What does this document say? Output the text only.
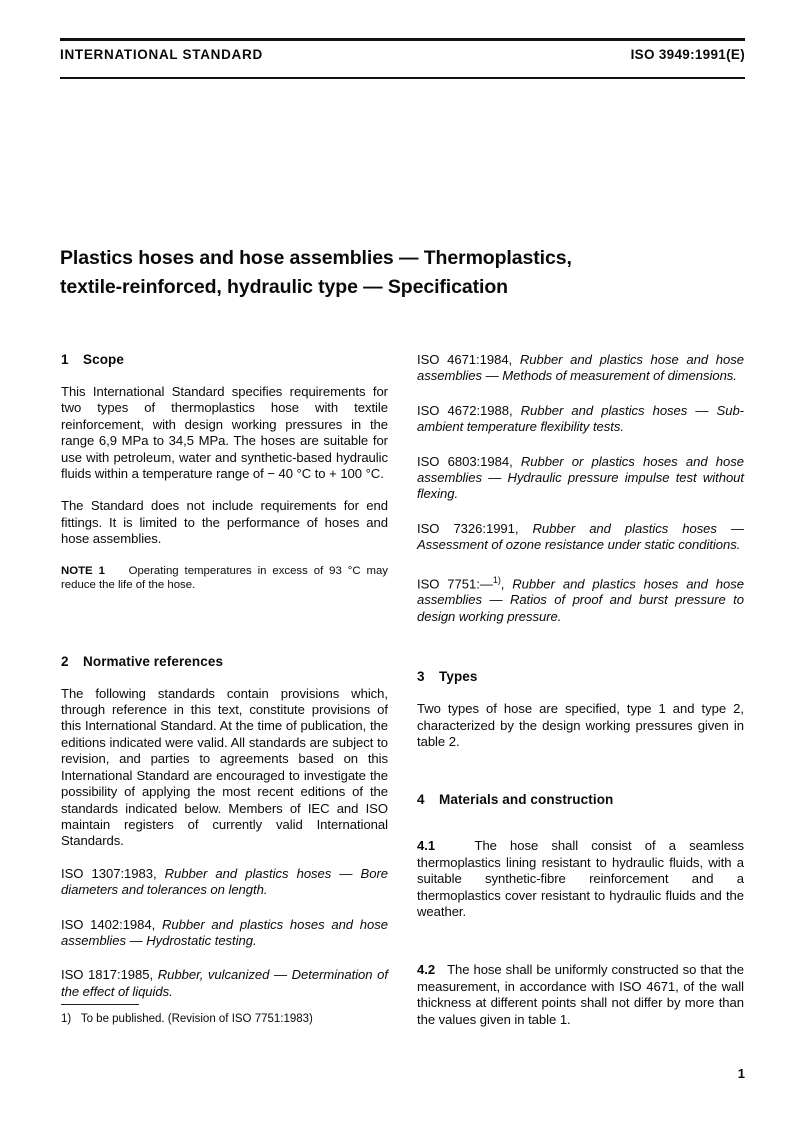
INTERNATIONAL STANDARD	ISO 3949:1991(E)
Plastics hoses and hose assemblies — Thermoplastics,
textile-reinforced, hydraulic type — Specification
1 Scope

This International Standard specifies requirements for two types of thermoplastics hose with textile reinforcement, with design working pressures in the range 6,9 MPa to 34,5 MPa. The hoses are suitable for use with petroleum, water and synthetic-based hydraulic fluids within a temperature range of − 40 °C to + 100 °C.

The Standard does not include requirements for end fittings. It is limited to the performance of hoses and hose assemblies.

NOTE 1 Operating temperatures in excess of 93 °C may reduce the life of the hose.

2 Normative references

The following standards contain provisions which, through reference in this text, constitute provisions of this International Standard. At the time of publication, the editions indicated were valid. All standards are subject to revision, and parties to agreements based on this International Standard are encouraged to investigate the possibility of applying the most recent editions of the standards indicated below. Members of IEC and ISO maintain registers of currently valid International Standards.

ISO 1307:1983, Rubber and plastics hoses — Bore diameters and tolerances on length.

ISO 1402:1984, Rubber and plastics hoses and hose assemblies — Hydrostatic testing.

ISO 1817:1985, Rubber, vulcanized — Determination of the effect of liquids.

ISO 4671:1984, Rubber and plastics hose and hose assemblies — Methods of measurement of dimensions.

ISO 4672:1988, Rubber and plastics hoses — Sub-ambient temperature flexibility tests.

ISO 6803:1984, Rubber or plastics hoses and hose assemblies — Hydraulic pressure impulse test without flexing.

ISO 7326:1991, Rubber and plastics hoses — Assessment of ozone resistance under static conditions.

ISO 7751:—$^{1)}$, Rubber and plastics hoses and hose assemblies — Ratios of proof and burst pressure to design working pressure.

3 Types

Two types of hose are specified, type 1 and type 2, characterized by the design working pressures given in table 2.

4 Materials and construction

4.1	The hose shall consist of a seamless thermoplastics lining resistant to hydraulic fluids, with a suitable synthetic-fibre reinforcement and a thermoplastics cover resistant to hydraulic fluids and the weather.

4.2 The hose shall be uniformly constructed so that the measurement, in accordance with ISO 4671, of the wall thickness at different points shall not differ by more than the values given in table 1.

1) To be published. (Revision of ISO 7751:1983)
1
